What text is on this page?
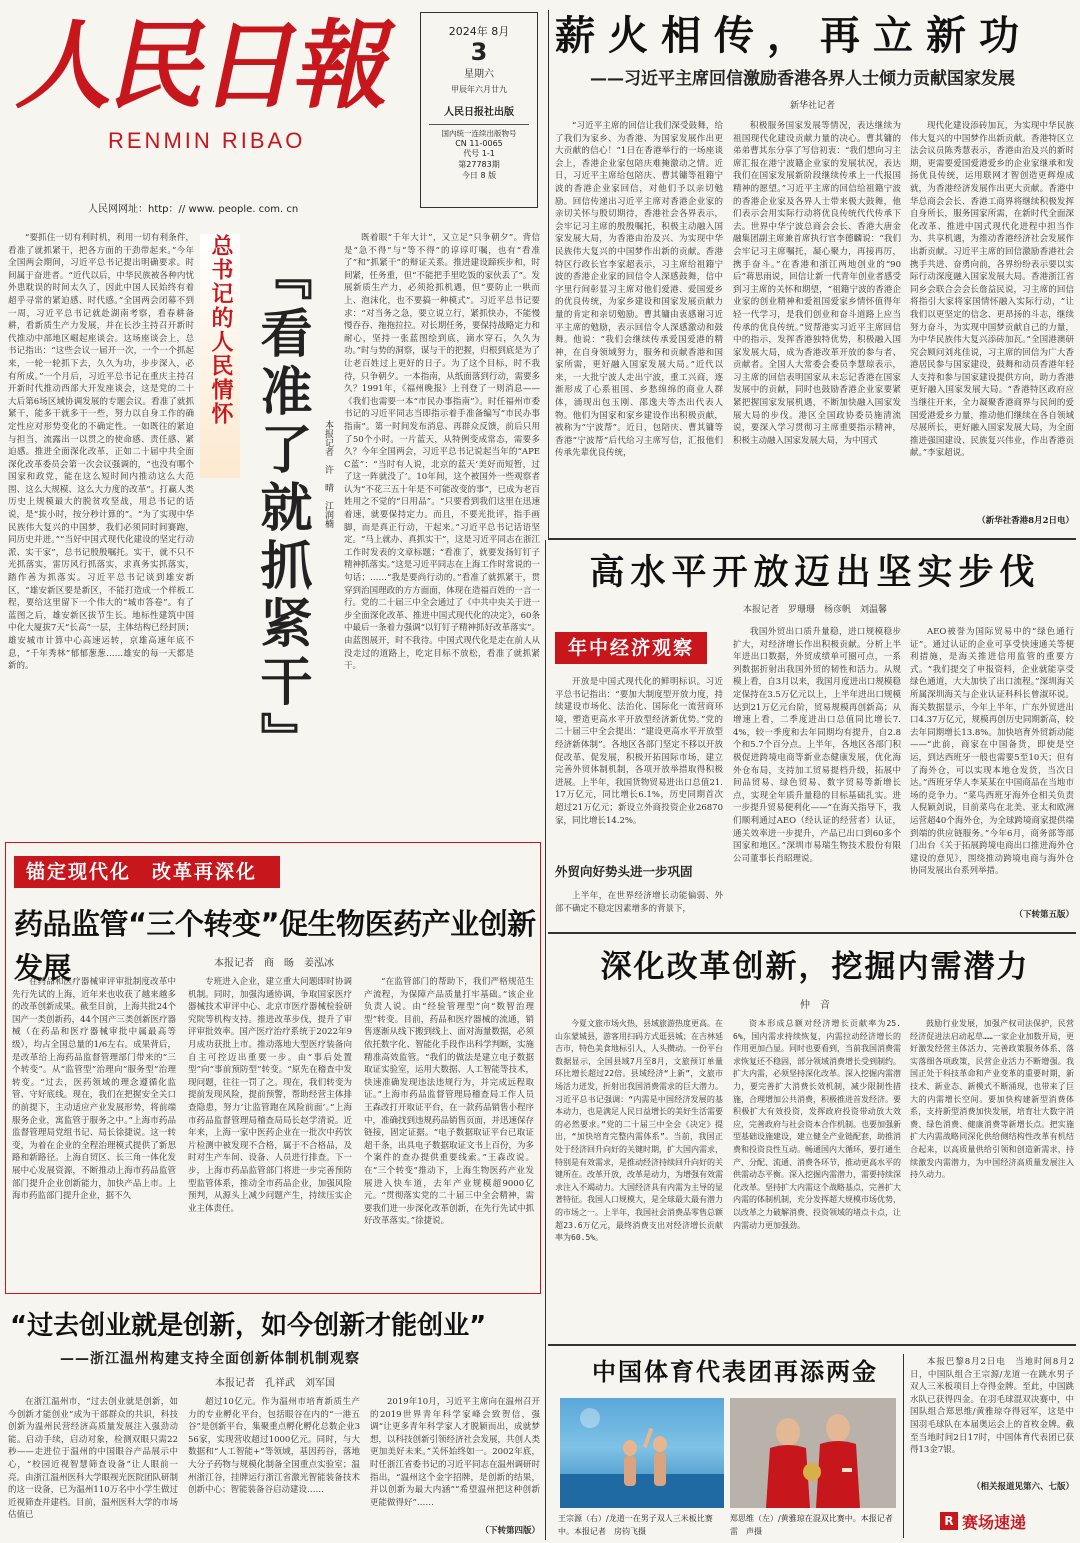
人民日報
RENMIN RIBAO
人民网网址：http：// www. people. com. cn
2024年 8月
3
星期六
甲辰年六月廿九
人民日报社出版
国内统一连续出版物号
CN 11-0065
代号 1-1
第27783期
今日 8 版
薪火相传，再立新功
——习近平主席回信激励香港各界人士倾力贡献国家发展
新华社记者
“习近平主席的回信让我们深受鼓舞，给了我们为家乡、为香港、为国家发展作出更大贡献的信心！”1日在香港举行的一场座谈会上，香港企业家包陪庆难掩激动之情。近日，习近平主席给包陪庆、曹其镛等祖籍宁波的香港企业家回信，对他们予以亲切勉励。回信传递出习近平主席对香港企业家的亲切关怀与殷切期待，香港社会各界表示，会牢记习主席的殷殷嘱托，积极主动融入国家发展大局，为香港由治及兴、为实现中华民族伟大复兴的中国梦作出新的贡献。香港特区行政长官李家超表示，习主席给祖籍宁波的香港企业家的回信令人深感鼓舞，信中字里行间彰显习主席对他们爱港、爱国爱乡的优良传统，为家乡建设和国家发展贡献力量的肯定和亲切勉励。曹其镛由衷感谢习近平主席的勉励，表示回信令人深感激动和鼓舞。他说：“我们会继续传承爱国爱港的精神，在自身领域努力，服务和贡献香港和国家所需，更好融入国家发展大局。”近代以来，一大批宁波人走出宁波，重工兴商，逐渐形成了心系祖国、乡愁绵绵的商业人群体，涌现出包玉刚、邵逸夫等杰出代表人物。他们为国家和家乡建设作出积极贡献，被称为“宁波帮”。近日，包陪庆、曹其镛等香港“宁波帮”后代给习主席写信，汇报他们传承先辈优良传统，
积极服务国家发展等情况，表达继续为祖国现代化建设贡献力量的决心。曹其镛的弟弟曹其东分享了写信初衷：“我们想向习主席汇报在港宁波籍企业家的发展状况，表达我们在国家发展新阶段继续传承上一代报国精神的愿望。”习近平主席的回信给祖籍宁波的香港企业家及各界人士带来极大鼓舞，他们表示会用实际行动将优良传统代代传承下去。世界中华宁波总商会会长、香港大唐金融集团副主席兼首席执行官李德麟说：“我们会牢记习主席嘱托，凝心聚力，再接再厉，携手奋斗。”在香港和浙江两地创业的“90后”蒋思雨说，回信让新一代青年创业者感受到习主席的关怀和期望，“祖籍宁波的香港企业家的创业精神和爱祖国爱家乡情怀值得年轻一代学习，是我们创业和奋斗道路上应当传承的优良传统。”贸帮港实习近平主席回信中的指示，发挥香港独特优势，积极融入国家发展大局，成为香港改革开放的参与者、贡献者。全国人大常委会委员李慧琼表示，习主席的回信表明国家从未忘记香港在国家发展中的贡献，同时也鼓励香港企业家要紧紧把握国家发展机遇，不断加快融入国家发展大局的步伐。港区全国政协委员施清流说，要深入学习贯彻习主席重要指示精神，积极主动融入国家发展大局，为中国式
现代化建设添砖加瓦，为实现中华民族伟大复兴的中国梦作出新贡献。香港特区立法会议员陈秀慧表示，香港由治及兴的新时期，更需要爱国爱港爱乡的企业家继承和发扬优良传统，运用联网才智创造更辉煌成就，为香港经济发展作出更大贡献。香港中华总商会会长、香港工商界将继续积极发挥自身所长，服务国家所需，在新时代全面深化改革、推进中国式现代化进程中担当作为、共享机遇，为推动香港经济社会发展作出新贡献。习近平主席的回信激励香港社会携手共进、奋勇向前，各界纷纷表示要以实际行动深度融入国家发展大局。香港浙江省同乡会联合会会长詹益民说，习主席的回信将指引大家将家国情怀融入实际行动，“让我们以更坚定的信念、更昂扬的斗志，继续努力奋斗，为实现中国梦贡献自己的力量，为中华民族伟大复兴添砖加瓦。”全国港澳研究会顾问刘兆佳说，习主席的回信为广大香港居民参与国家建设，鼓舞和动员香港年轻人支持和参与国家建设提供方向，助力香港更好融入国家发展大局。“香港特区政府应当继往开来，全力凝聚香港商界与民间的爱国爱港爱乡力量，推动他们继续在各自领域尽展所长，更好融入国家发展大局，为全面推进强国建设、民族复兴伟业，作出香港贡献。”李家超说。
（新华社香港8月2日电）
“要抓住一切有利时机，利用一切有利条件，看准了就抓紧干，把各方面的干劲带起来。”今年全国两会期间，习近平总书记提出明确要求。时间属于奋进者。“近代以后，中华民族被各种内忧外患耽误的时间太久了，因此中国人民始终有着超乎寻常的紧迫感、时代感。”全国两会闭幕不到一周，习近平总书记就赴湖南考察，看春耕备耕，看新质生产力发展，并在长沙主持召开新时代推动中部地区崛起座谈会。这场座谈会上，总书记指出：“这些会议一届开一次，一个一个抓起来，一轮一轮抓下去，久久为功，步步深入，必有所成。”一个月后，习近平总书记在重庆主持召开新时代推动西部大开发座谈会，这是党的二十大后第6场区域协调发展的专题会议。看准了就抓紧干，能多干就多干一些，努力以自身工作的确定性应对形势变化的不确定性。一如既往的紧迫与担当，流露出一以贯之的使命感、责任感、紧迫感。推进全面深化改革，正如二十届中共全面深化改革委员会第一次会议强调的，“也没有哪个国家和政党，能在这么短时间内推动这么大范围、这么大规模、这么大力度的改革”。打赢人类历史上规模最大的脱贫攻坚战，用总书记的话说，是“拔小时，按分秒计算的”。“为了实现中华民族伟大复兴的中国梦，我们必须同时间赛跑，同历史并进。”“当好中国式现代化建设的坚定行动派、实干家”，总书记殷殷嘱托。实干，就不只不光抓落实，雷厉风行抓落实，求真务实抓落实，踏作善为抓落实。习近平总书记谈到雄安新区，“雄安新区要是新区，不能打造成一个样板工程，要给这里留下一个伟大的“城市答卷”。有了蓝图之后，雄安新区拔节生长。地标性建筑中国中化大厦拔7天“长高”一层，主体结构已经封顶；雄安城市计算中心高速运转，京雄高速年底不息，“千年秀林”郁郁葱葱……雄安的每一天都是新的。
总书记的人民情怀 『看准了就抓紧干』	本报记者　许　晴　江润楠
既着眼“千年大计”，又立足“只争朝夕”。背信是“急不得”与“等不得”的谆谆叮嘱，也有“看准了”和“抓紧干”的辩证关系。推进建设蹄疾步和，时间紧，任务重，但“不能把手里吃饭的家伙丢了”。发展新质生产力，必须抢抓机遇，但“要防止一哄而上、泡沫化，也不要搞一种模式”。习近平总书记要求：“对当务之急，要立说立行，紧抓快办，不能慢慢吞吞、拖拖拉拉。对长期任务，要保持战略定力和耐心，坚持一张蓝图绘到底，滴水穿石，久久为功。”时与势的洞察，谋与干的把握，归根到底是为了让老百姓过上更好的日子。为了这个目标，时不我待，只争朝夕。一本指南，从纸面落到行动，需要多久？1991年，《福州晚报》上刊登了一则消息——《我们也需要一本“市民办事指南”》。时任福州市委书记的习近平同志当即指示着手准备编写“市民办事指南”。第一时间发布消息、再群众反馈，前后只用了50个小时。一片蓝天，从特例变成常态，需要多久？今年全国两会，习近平总书记说起当年的“APEC蓝”：“当时有人说，北京的蓝天‘美好而短暂，过了这一阵就没了’。10年间，这个被国外一些观察者认为“不花三五十年是不可能改变的事”，已成为老百姓用之不觉的“日用品”。“只要看到我们这里在迅速着速，就要保持定力。而且，不要光批评，指手画脚，而是真正行动，干起来。”习近平总书记话语坚定。“马上就办、真抓实干”，这是习近平同志在浙江工作时发表的文章标题；“看准了，就要发扬钉钉子精神抓落实。”这是习近平同志在上海工作时常说的一句话；……“我是要尚行动的。”看准了就抓紧干，贯穿到治国理政的方方面面，体现在造福百姓的一言一行。党的二十届三中全会通过了《中共中央关于进一步全面深化改革、推进中国式现代化的决定》，60条中最后一条着力强调“以钉钉子精神抓好改革落实”。由蓝图展开，时不我待。中国式现代化是走在前人从没走过的道路上，吃定目标不放松，看准了就抓紧干。
锚定现代化　改革再深化
药品监管“三个转变”促生物医药产业创新发展	本报记者　商　旸　姜泓冰
在药品和医疗器械审评审批制度改革中先行先试的上海，近年来也收获了越来越多的改革创新成果。截至目前，上海共批24个国产一类创新药，44个国产三类创新医疗器械（在药品和医疗器械审批中属最高等级），均占全国总量的1/6左右。成果背后，是改革给上海药品监督管理部门带来的“三个转变”。从“监管型”治理向“服务型”治理转变。“过去，医药领域的理念遵循化监管、守好底线。现在，我们在把握安全关口的前提下，主动适应产业发展形势，将前端服务企业，寓监管于服务之中。”上海市药品监督管理局党组书记、局长徐捷说。这一转变，为着在企业的全程治理模式提供了新思路和新路径。上海自贸区、长三角一体化发展中心发展资源，不断推动上海市药品监管部门提升企业创新能力，加快产品上市。上海市药监部门提升企业，据不久
专班进入企业，建立重大问题即时协调机制。同时，加强沟通协调，争取国家医疗器械技术审评中心、北京市医疗器械检验研究院等机构支持。推进改革步伐，提升了审评审批效率。国产医疗治疗系统于2022年9月成功获批上市。推动落地大型医疗装备向自主可控迈出重要一步。由“事后处置型”向“事前预防型”转变。“原先在稽查中发现问题，往往一罚了之。现在，我们转变为提前发现风险，提前预警，帮助经营主体排查隐患，努力‘让监管跑在风险前面’。”上海市药品监督管理局稽查局局长赵学清说。近年来，上海一家中医药企业在一批次中药饮片检测中被发现不合格，属于不合格品，及时对生产车间、设备、人员进行排查。下一步，上海市药品监管部门将进一步完善预防型监管体系，推动全市药品企业，加强风险预判，从源头上减少问题产生，持续压实企业主体责任。
“在监管部门的帮助下，我们严格规范生产流程，为保障产品质量打牢基础。”该企业负责人说。由“经验管理型”向“数智治理型”转变。目前，药品和医疗器械的流通，销售逐渐从线下搬到线上、面对海量数据，必须依托数字化、智能化手段作出科学判断，实施精准高效监管。“我们的做法是建立电子数据取证实验室，运用大数据、人工智能等技术，快速准确发现违法违规行为，并完成远程取证。”上海市药品监督管理局稽查局工作人员王森改打开取证平台，在一款药品销售小程序中，准确找到违规药品销售页面，并迅速保存链接，固定证据。“电子数据取证平台已取证超千条，出具电子数据取证文书上百份，为多个案件的查办提供重要线索。”王森改说。在“三个转变”推动下，上海生物医药产业发展进入快车道，去年产业规模超9000亿元。“贯彻落实党的二十届三中全会精神，需要我们进一步深化改革创新，在先行先试中抓好改革落实。”徐捷说。
“过去创业就是创新，如今创新才能创业”
——浙江温州构建支持全面创新体制机制观察
本报记者　孔祥武　刘军国
在浙江温州市，“过去创业就是创新，如今创新才能创业”成为干部群众的共识，科技创新为温州民营经济高质量发展注入强劲动能。启动手续，启动对象，检测双眼只需22秒——走进位于温州的中国眼谷产品展示中心，“校园近视智慧筛查设备”让人眼前一亮。由浙江温州医科大学眼视光医院团队研制的这一设备，已为温州110万名中小学生做过近视筛查并建档。目前，温州医科大学的市场估值已
超过10亿元。作为温州市培育新质生产力的专业孵化平台，包括眼谷在内的“一港五谷”是创新平台，集聚重点孵化孵化总数企业356家，实现营收超过1000亿元。同时，与大数据和“人工智能+”等领域，基因药谷，落地大分子药物与规模化制备全国重点实验室；温州浙江谷，挂牌运行浙江省激光智能装备技术创新中心；智能装备谷启动建设……
2019年10月，习近平主席向在温州召开的2019世界青年科学家峰会致贺信，强调“让更多青年科学家人才脱颖而出，成就梦想，以科技创新引领经济社会发展，共创人类更加美好未来。”关怀始终如一。2002年底，时任浙江省委书记的习近平同志在温州调研时指出，“温州这个金字招牌，是创新的结果，并以创新为最大内涵”“希望温州把这种创新更能做得好”……
（下转第四版）
高水平开放迈出坚实步伐
本报记者　罗珊珊　杨彦帆　刘温馨
年中经济观察
开放是中国式现代化的鲜明标识。习近平总书记指出：“要加大制度型开放力度，持续建设市场化、法治化、国际化一流营商环境，塑造更高水平开放型经济新优势。”党的二十届三中全会提出：“建设更高水平开放型经济新体制”。各地区各部门坚定不移以开放促改革、促发展，积极开拓国际市场，建立完善外贸体制机制，各项开放举措取得积极进展。上半年，我国货物贸易进出口总值21.17万亿元，同比增长6.1%，历史同期首次超过21万亿元；新设立外商投资企业26870家，同比增长14.2%。
外贸向好势头进一步巩固
上半年，在世界经济增长动能偏弱、外部不确定不稳定因素增多的背景下，
我国外贸出口质升量稳，进口规模稳步扩大，对经济增长作出积极贡献。分析上半年进出口数据，外贸成绩单可圈可点，一系列数据折射出我国外贸的韧性和活力。从规模上看，自3月以来，我国月度进出口规模稳定保持在3.5万亿元以上，上半年进出口规模达到21万亿元台阶，贸易规模再创新高；从增速上看，二季度进出口总值同比增长7.4%，较一季度和去年同期均有提升，自2.8个和5.7个百分点。上半年，各地区各部门积极促进跨境电商等新业态健康发展，优化海外仓布局，支持加工贸易提档升级，拓展中间品贸易、绿色贸易、数字贸易等新增长点，实现全年质升量稳的目标基础扎实。进一步提升贸易便利化——“在海关指导下，我们顺利通过AEO（经认证的经营者）认证，通关效率进一步提升，产品已出口到60多个国家和地区。”深圳市易瑞生物技术股份有限公司董事长肖昭理说。
AEO被誉为国际贸易中的“绿色通行证”。通过认证的企业可享受快速通关等便利措施，是海关推进信用监管的重要方式。“我们提交了申报资料，企业就能享受绿色通道，大大加快了出口流程。”深圳海关所属深圳海关与企业认证科科长曾淑环说。海关数据显示，今年上半年，广东外贸进出口4.37万亿元，规模再创历史同期新高，较去年同期增长13.8%。加快培育外贸新动能——“此前，商家在中国备货，即使是空运，到达西班牙一般也需要5至10天；但有了海外仓，可以实现本地仓发货，当次日达。”西班牙华人李某某在中国商品在当地市场的竞争力。“菜鸟西班牙海外仓相关负责人倪颖剑说，目前菜鸟在北美、亚太和欧洲运营超40个海外仓，为全球跨境商家提供端到端的供应链服务。”今年6月，商务部等部门出台《关于拓展跨境电商出口推进海外仓建设的意见》，围绕推动跨境电商与海外仓协同发展出台系列举措。
（下转第五版）
深化改革创新，挖掘内需潜力
仲　音
今夏文旅市场火热，县域旅游热度更高。在山东蒙城县，游客用扫码方式逛县城；在吉林延吉市，特色美食地标引人，人头攒动。一份平台数据显示，全国县域7月至8月，文旅预订单量环比增长超过22倍。县域经济“上新”，文旅市场活力迸发，折射出我国消费需求的巨大潜力。习近平总书记强调：“内需是中国经济发展的基本动力，也是满足人民日益增长的美好生活需要的必然要求。”党的二十届三中全会《决定》提出，“加快培育完整内需体系”。当前，我国正处于经济回升向好的关键时期，扩大国内需求，特别是有效需求，是推动经济持续回升向好的关键所在。改革开放，改革是动力，为增强有效需求注入不竭动力。大国经济具有内需为主导的显著特征。我国人口规模大，是全球最大最有潜力的市场之一。上半年，我国社会消费品零售总额超23.6万亿元，最终消费支出对经济增长贡献率为60.5%。
资本形成总额对经济增长贡献率为25.6%，国内需求持续恢复，内需拉动经济增长的作用更加凸显。同时也要看到，当前我国消费需求恢复还不稳固，部分领域消费增长受到制约。扩大内需，必须坚持深化改革。深入挖掘内需潜力，要完善扩大消费长效机制，减少限制性措施，合理增加公共消费，积极推进首发经济。要积极扩大有效投资，发挥政府投资带动放大效应，完善政府与社会资本合作机制。也要加强新型基础设施建设，建立健全产业链配套，助推消费和投资良性互动。畅通国内大循环，要打通生产、分配、流通、消费各环节，推动更高水平的供需动态平衡。深入挖掘内需潜力，需要持续深化改革。坚持扩大内需这个战略基点，完善扩大内需的体制机制，充分发挥超大规模市场优势，以改革之力破解消费、投资领域的堵点卡点，让内需动力更加强劲。
鼓励行业发展，加强产权司法保护，民营经济促进法启动起草……一家企业加数开局，更好激发经营主体活力、完善政策服务体系、落实落细各项政策，民营企业活力不断增强。我国正处于科技革命和产业变革的重要时期，新技术、新业态、新模式不断涌现，也带来了巨大的内需增长空间。要加快构建新型消费体系，支持新型消费加快发展，培育壮大数字消费、绿色消费、健康消费等新增长点。把实施扩大内需战略同深化供给侧结构性改革有机结合起来，以高质量供给引领和创造新需求，持续激发内需潜力，为中国经济高质量发展注入持久动力。
中国体育代表团再添两金
王宗源（右）/龙道一在男子双人三米板比赛中。本报记者　房钧飞摄
郑思维（左）/黄雅琼在混双比赛中。本报记者　雷　声摄
本报巴黎8月2日电　当地时间8月2日，中国队组合王宗源/龙道一在跳水男子双人三米板项目上夺得金牌。至此，中国跳水队已获得四金。在羽毛球混双决赛中，中国队组合郑思维/黄雅琼夺得冠军，这是中国羽毛球队在本届奥运会上的首枚金牌。截至当地时间2日17时，中国体育代表团已获得13金7银。
（相关报道见第六、七版）
R 赛场速递
